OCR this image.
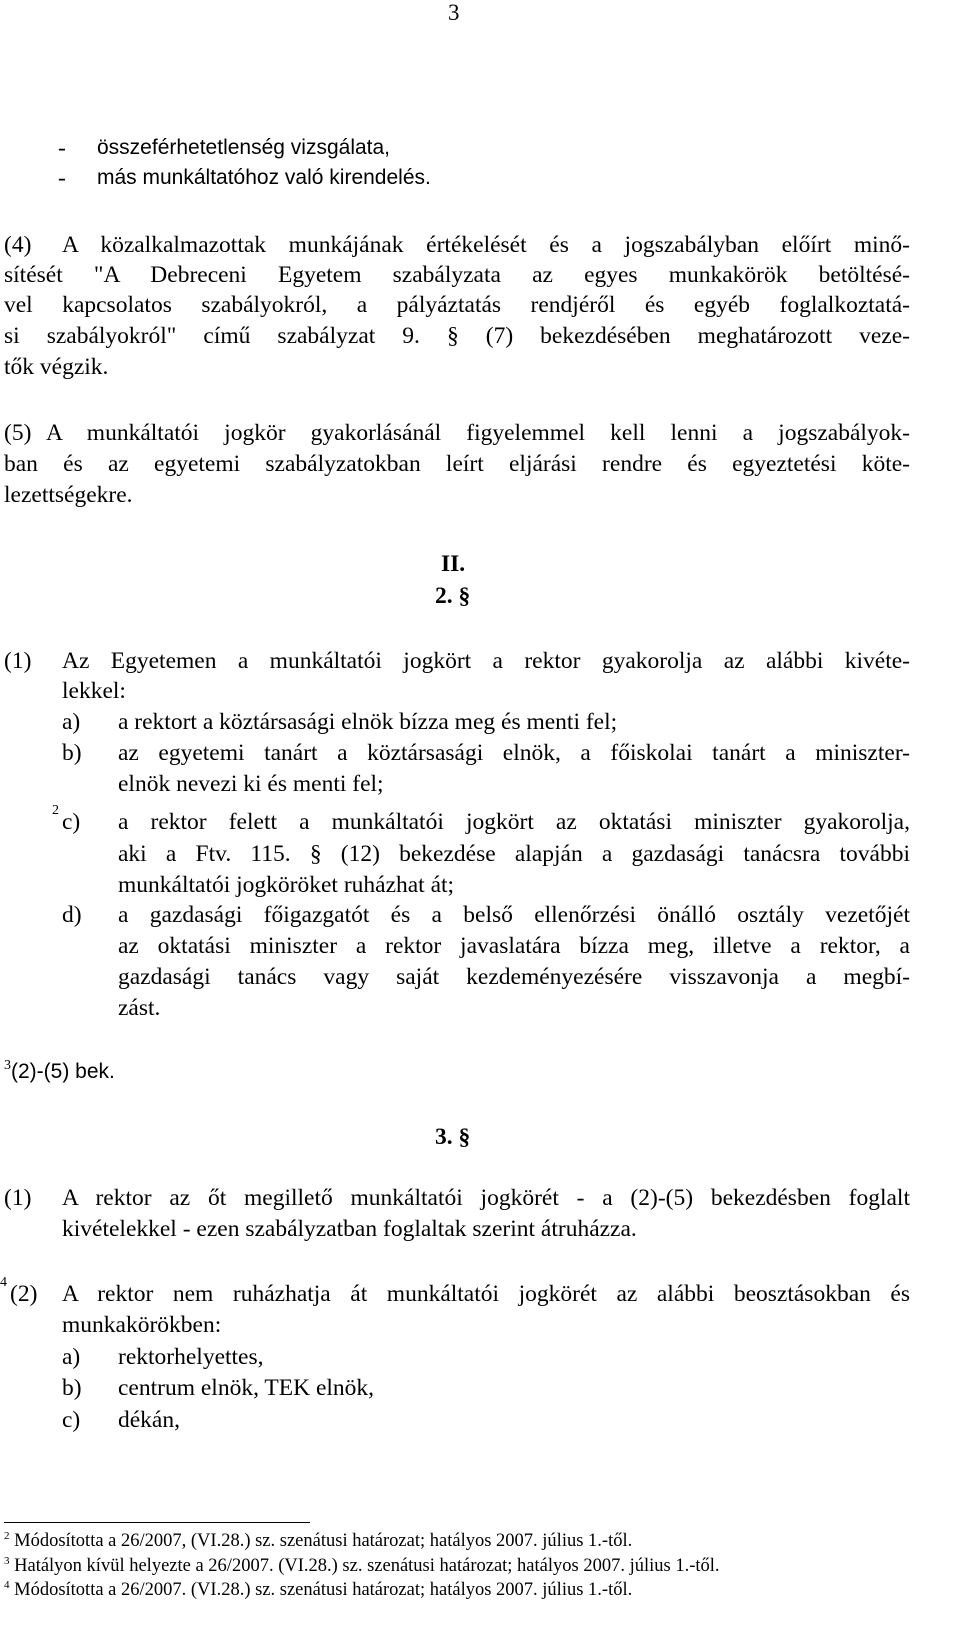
3
- összeférhetetlenség vizsgálata,
- más munkáltatóhoz való kirendelés.
(4) A közalkalmazottak munkájának értékelését és a jogszabályban előírt minő-
sítését "A Debreceni Egyetem szabályzata az egyes munkakörök betöltésé-
vel kapcsolatos szabályokról, a pályáztatás rendjéről és egyéb foglalkoztatá-
si szabályokról" című szabályzat 9. § (7) bekezdésében meghatározott veze-
tők végzik.
(5) A munkáltatói jogkör gyakorlásánál figyelemmel kell lenni a jogszabályok-
ban és az egyetemi szabályzatokban leírt eljárási rendre és egyeztetési köte-
lezettségekre.
II.
2. §
(1) Az Egyetemen a munkáltatói jogkört a rektor gyakorolja az alábbi kivéte-
lekkel:
a) a rektort a köztársasági elnök bízza meg és menti fel;
b) az egyetemi tanárt a köztársasági elnök, a főiskolai tanárt a miniszter-
elnök nevezi ki és menti fel;
$^2$ c) a rektor felett a munkáltatói jogkört az oktatási miniszter gyakorolja,
aki a Ftv. 115. § (12) bekezdése alapján a gazdasági tanácsra további
munkáltatói jogköröket ruházhat át;
d) a gazdasági főigazgatót és a belső ellenőrzési önálló osztály vezetőjét
az oktatási miniszter a rektor javaslatára bízza meg, illetve a rektor, a
gazdasági tanács vagy saját kezdeményezésére visszavonja a megbí-
zást.
$^3$(2)-(5) bek.
3. §
(1) A rektor az őt megillető munkáltatói jogkörét - a (2)-(5) bekezdésben foglalt
kivételekkel - ezen szabályzatban foglaltak szerint átruházza.
$^4$ (2) A rektor nem ruházhatja át munkáltatói jogkörét az alábbi beosztásokban és
munkakörökben:
a) rektorhelyettes,
b) centrum elnök, TEK elnök,
c) dékán,
$^2$ Módosította a 26/2007, (VI.28.) sz. szenátusi határozat; hatályos 2007. július 1.-től.
$^3$ Hatályon kívül helyezte a 26/2007. (VI.28.) sz. szenátusi határozat; hatályos 2007. július 1.-től.
$^4$ Módosította a 26/2007. (VI.28.) sz. szenátusi határozat; hatályos 2007. július 1.-től.
